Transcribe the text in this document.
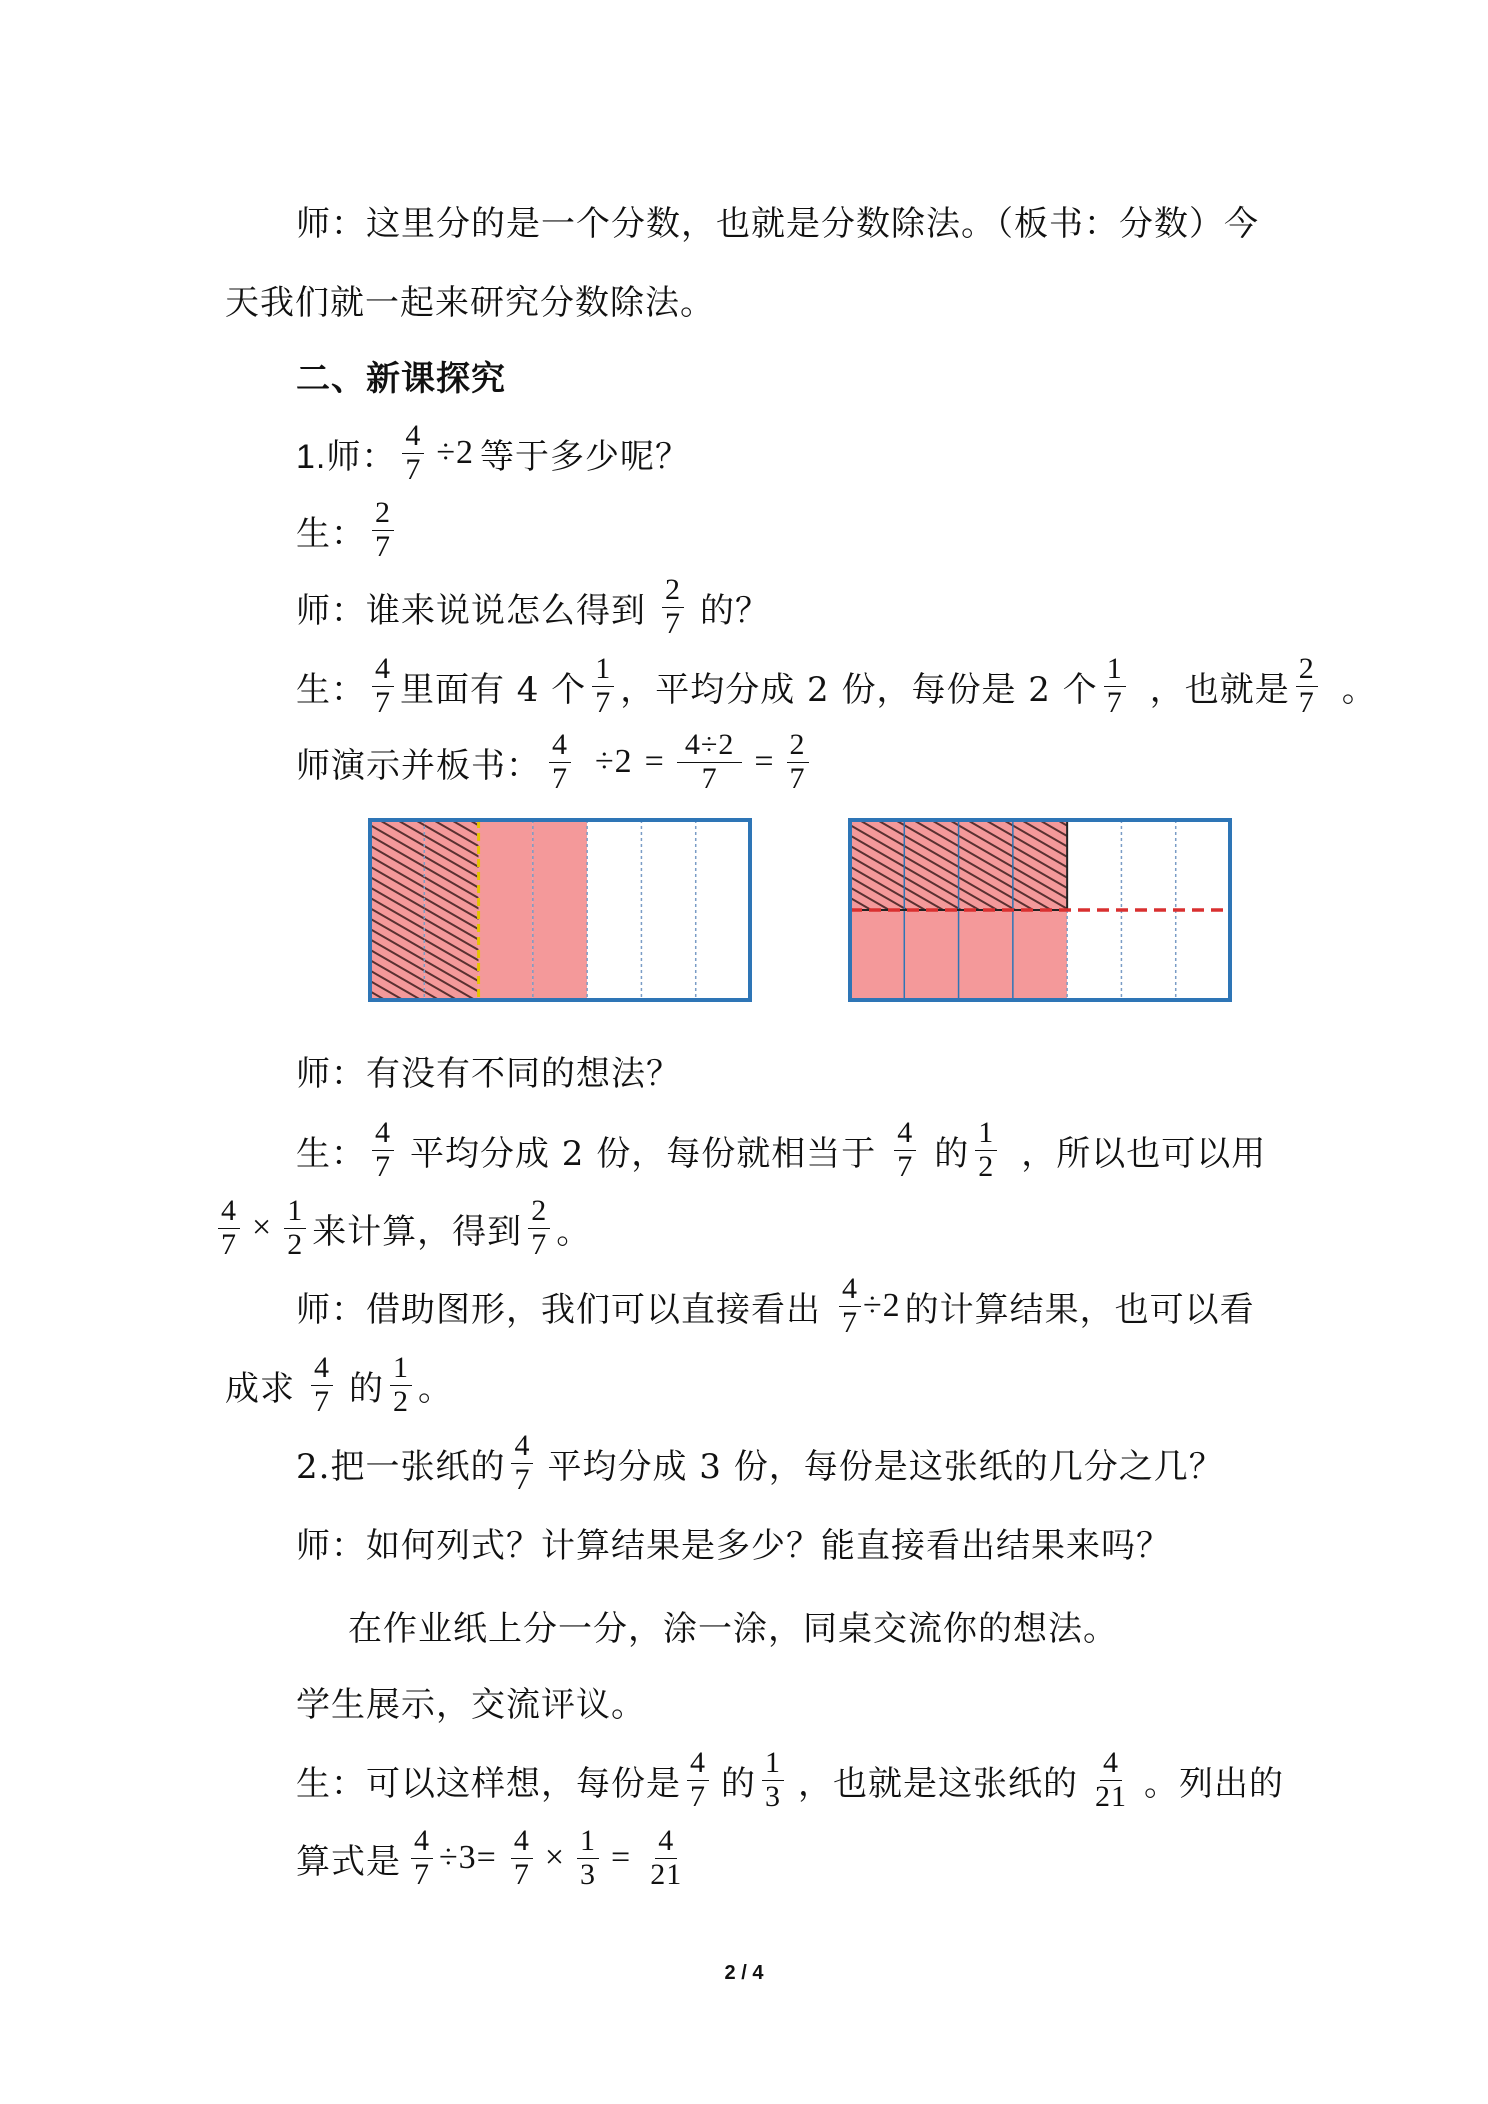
师：这里分的是一个分数，也就是分数除法。（板书：分数）今
天我们就一起来研究分数除法。
二、新课探究
1.师： $\frac{4}{7} \div 2$ 等于多少呢？
生： $\frac{2}{7}$
师：谁来说说怎么得到 $\frac{2}{7}$ 的？
生： $\frac{4}{7}$ 里面有 4 个 $\frac{1}{7}$ ，平均分成 2 份，每份是 2 个 $\frac{1}{7}$ ，也就是 $\frac{2}{7}$ 。
师演示并板书： $\frac{4}{7} \div 2 = \frac{4\div 2}{7} = \frac{2}{7}$
师：有没有不同的想法？
生： $\frac{4}{7}$ 平均分成 2 份，每份就相当于 $\frac{4}{7}$ 的 $\frac{1}{2}$ ，所以也可以用
$\frac{4}{7} \times \frac{1}{2}$ 来计算，得到 $\frac{2}{7}$ 。
师：借助图形，我们可以直接看出 $\frac{4}{7} \div 2$ 的计算结果，也可以看
成求 $\frac{4}{7}$ 的 $\frac{1}{2}$ 。
2.把一张纸的 $\frac{4}{7}$ 平均分成 3 份，每份是这张纸的几分之几？
师：如何列式？计算结果是多少？能直接看出结果来吗？
在作业纸上分一分，涂一涂，同桌交流你的想法。
学生展示，交流评议。
生：可以这样想，每份是 $\frac{4}{7}$ 的 $\frac{1}{3}$ ，也就是这张纸的 $\frac{4}{21}$ 。列出的
算式是 $\frac{4}{7} \div 3 = \frac{4}{7} \times \frac{1}{3} = \frac{4}{21}$
2 / 4
